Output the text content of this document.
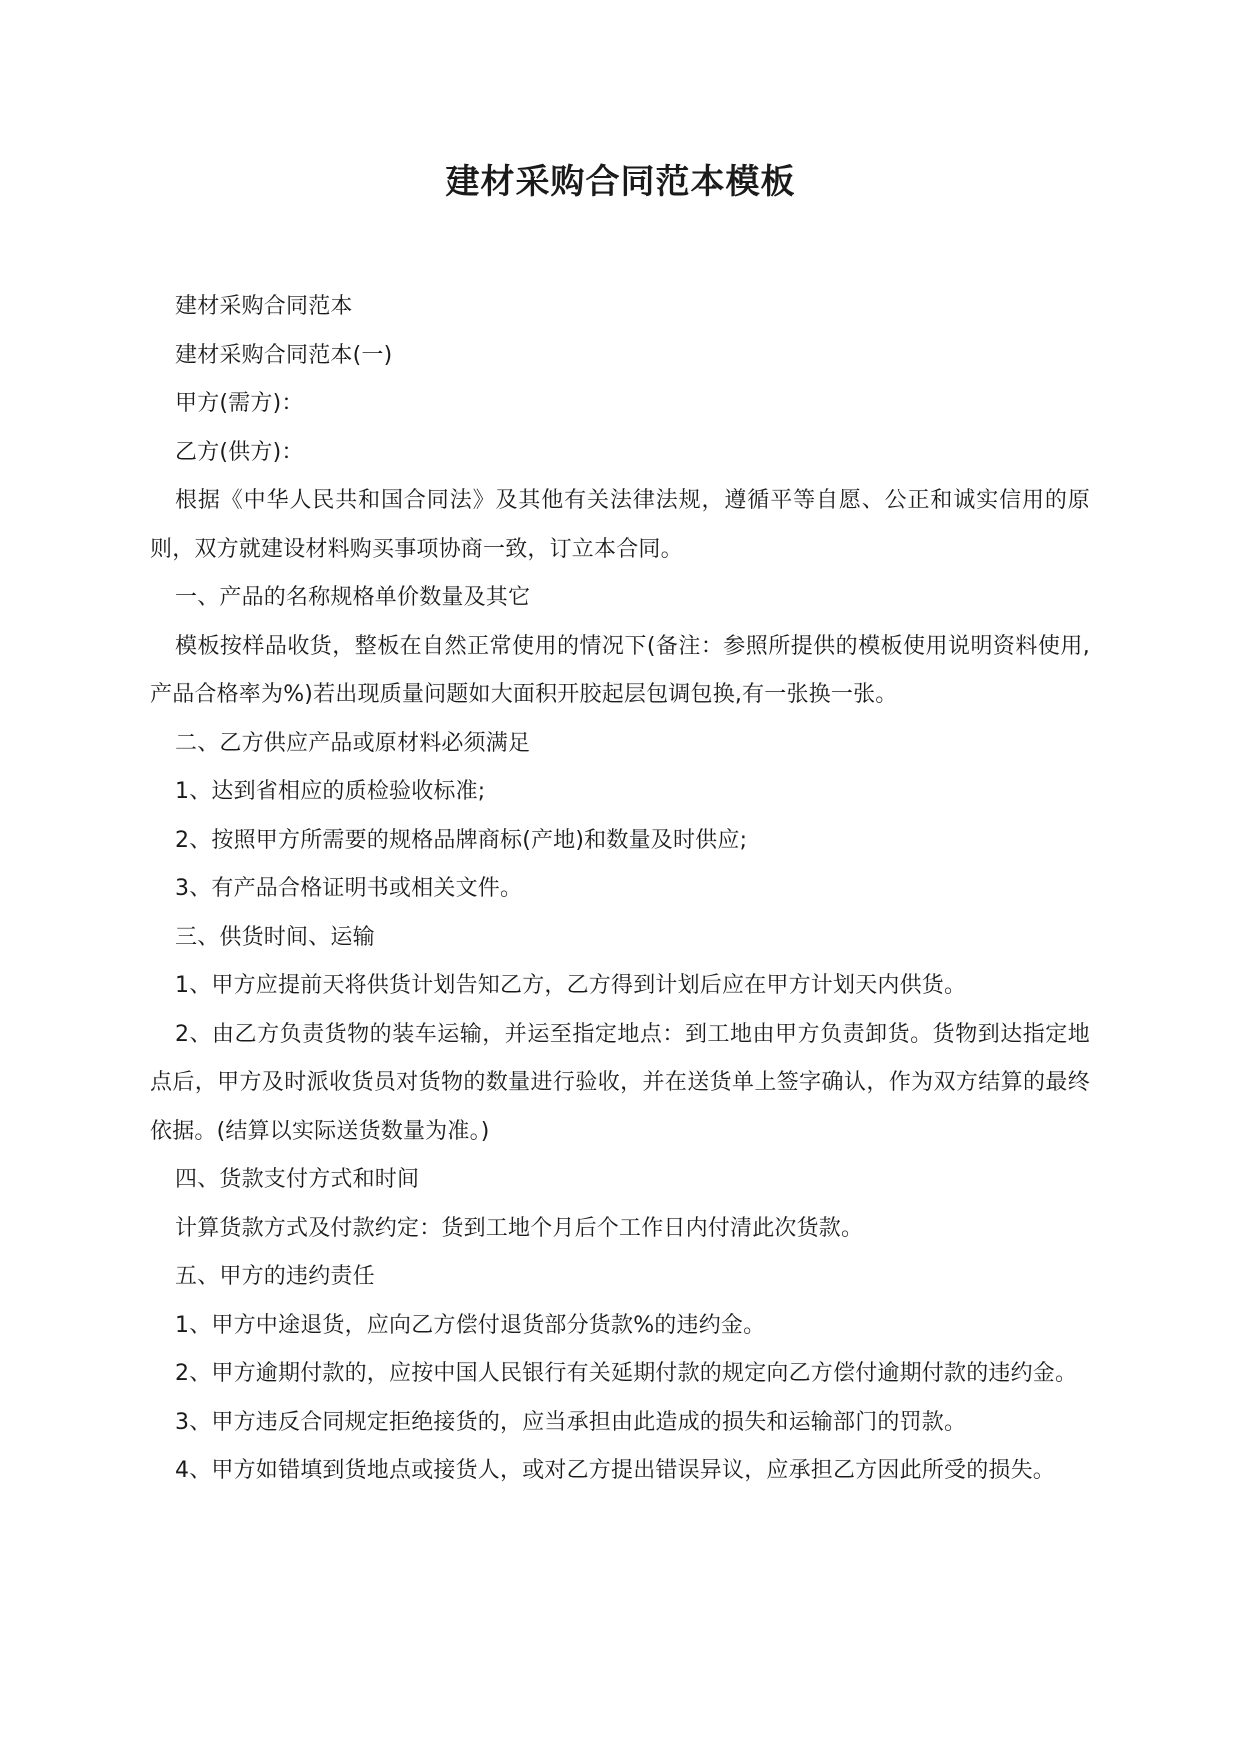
建材采购合同范本模板

建材采购合同范本

建材采购合同范本(一)

甲方(需方)：

乙方(供方)：

根据《中华人民共和国合同法》及其他有关法律法规，遵循平等自愿、公正和诚实信用的原则，双方就建设材料购买事项协商一致，订立本合同。

一、产品的名称规格单价数量及其它

模板按样品收货，整板在自然正常使用的情况下(备注：参照所提供的模板使用说明资料使用,产品合格率为%)若出现质量问题如大面积开胶起层包调包换,有一张换一张。

二、乙方供应产品或原材料必须满足

1、达到省相应的质检验收标准;

2、按照甲方所需要的规格品牌商标(产地)和数量及时供应;

3、有产品合格证明书或相关文件。

三、供货时间、运输

1、甲方应提前天将供货计划告知乙方，乙方得到计划后应在甲方计划天内供货。

2、由乙方负责货物的装车运输，并运至指定地点：到工地由甲方负责卸货。货物到达指定地点后，甲方及时派收货员对货物的数量进行验收，并在送货单上签字确认，作为双方结算的最终依据。(结算以实际送货数量为准。)

四、货款支付方式和时间

计算货款方式及付款约定：货到工地个月后个工作日内付清此次货款。

五、甲方的违约责任

1、甲方中途退货，应向乙方偿付退货部分货款%的违约金。

2、甲方逾期付款的，应按中国人民银行有关延期付款的规定向乙方偿付逾期付款的违约金。

3、甲方违反合同规定拒绝接货的，应当承担由此造成的损失和运输部门的罚款。

4、甲方如错填到货地点或接货人，或对乙方提出错误异议，应承担乙方因此所受的损失。
